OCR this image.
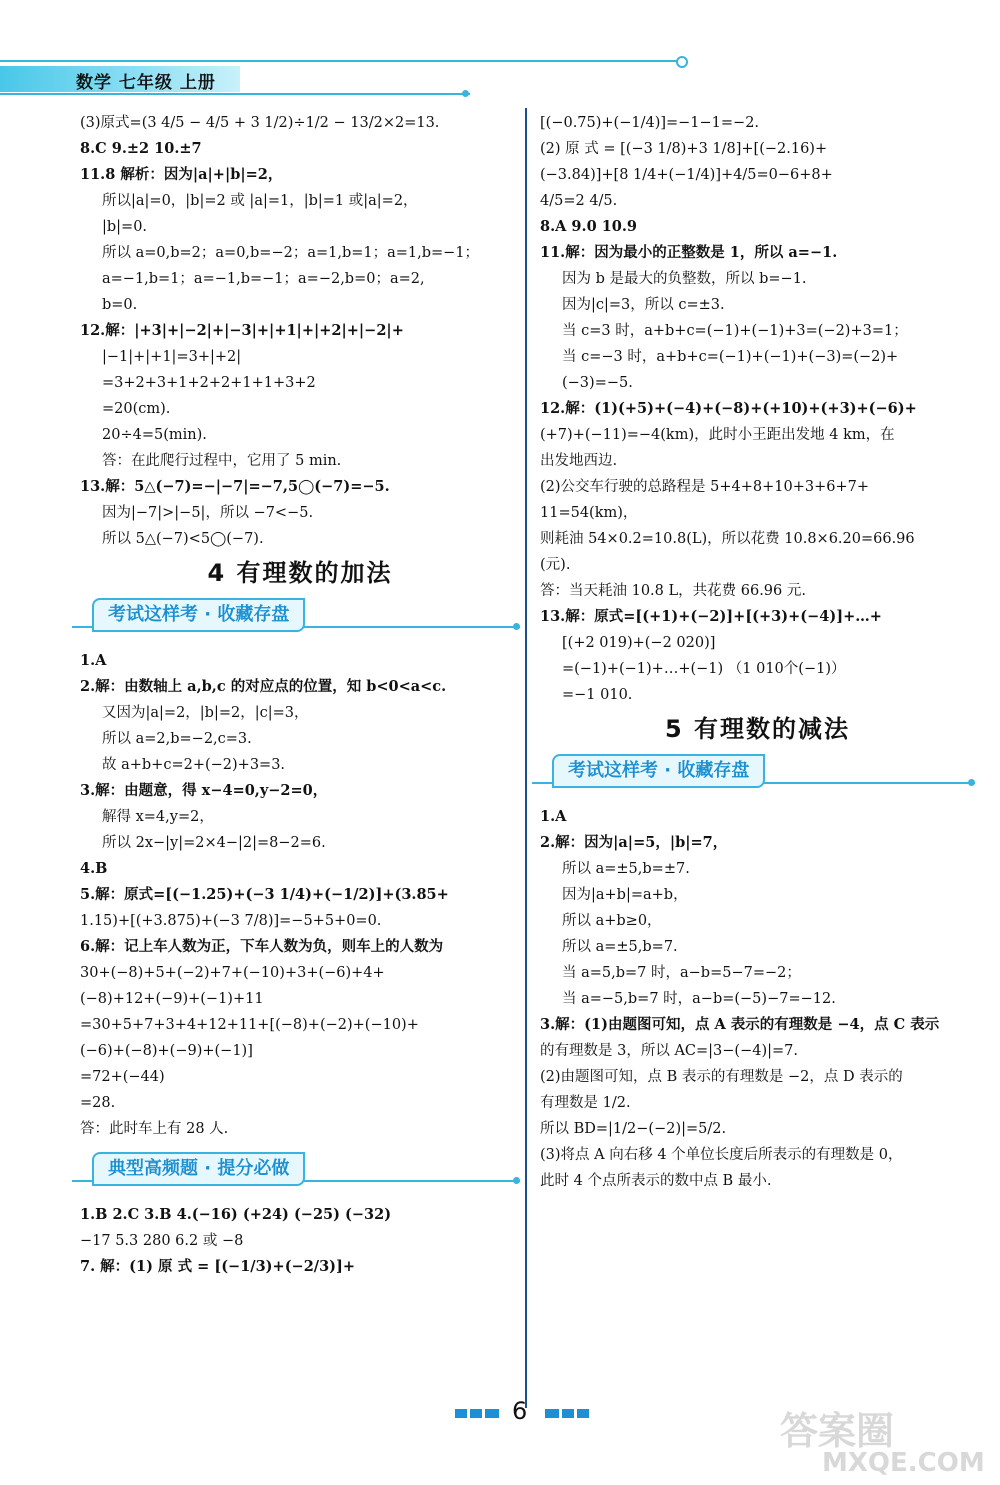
数学 七年级 上册
(3)原式=(3 4/5 − 4/5 + 3 1/2)÷1/2 − 13/2×2=13.
8.C 9.±2 10.±7
11.8 解析：因为|a|+|b|=2，
所以|a|=0，|b|=2 或 |a|=1，|b|=1 或|a|=2，
|b|=0.
所以 a=0,b=2；a=0,b=−2；a=1,b=1；a=1,b=−1；
a=−1,b=1；a=−1,b=−1；a=−2,b=0；a=2,
b=0.
12.解：|+3|+|−2|+|−3|+|+1|+|+2|+|−2|+
|−1|+|+1|=3+|+2|
=3+2+3+1+2+2+1+1+3+2
=20(cm).
20÷4=5(min).
答：在此爬行过程中，它用了 5 min.
13.解：5△(−7)=−|−7|=−7,5◯(−7)=−5.
因为|−7|>|−5|，所以 −7<−5.
所以 5△(−7)<5◯(−7).
4 有理数的加法
考试这样考 · 收藏存盘
1.A
2.解：由数轴上 a,b,c 的对应点的位置，知 b<0<a<c.
又因为|a|=2，|b|=2，|c|=3，
所以 a=2,b=−2,c=3.
故 a+b+c=2+(−2)+3=3.
3.解：由题意，得 x−4=0,y−2=0，
解得 x=4,y=2，
所以 2x−|y|=2×4−|2|=8−2=6.
4.B
5.解：原式=[(−1.25)+(−3 1/4)+(−1/2)]+(3.85+
1.15)+[(+3.875)+(−3 7/8)]=−5+5+0=0.
6.解：记上车人数为正，下车人数为负，则车上的人数为
30+(−8)+5+(−2)+7+(−10)+3+(−6)+4+
(−8)+12+(−9)+(−1)+11
=30+5+7+3+4+12+11+[(−8)+(−2)+(−10)+
(−6)+(−8)+(−9)+(−1)]
=72+(−44)
=28.
答：此时车上有 28 人.
典型高频题 · 提分必做
1.B 2.C 3.B 4.(−16) (+24) (−25) (−32)
−17 5.3 280 6.2 或 −8
7. 解：(1) 原 式 = [(−1/3)+(−2/3)]+
[(−0.75)+(−1/4)]=−1−1=−2.
(2) 原 式 = [(−3 1/8)+3 1/8]+[(−2.16)+
(−3.84)]+[8 1/4+(−1/4)]+4/5=0−6+8+
4/5=2 4/5.
8.A 9.0 10.9
11.解：因为最小的正整数是 1，所以 a=−1.
因为 b 是最大的负整数，所以 b=−1.
因为|c|=3，所以 c=±3.
当 c=3 时，a+b+c=(−1)+(−1)+3=(−2)+3=1；
当 c=−3 时，a+b+c=(−1)+(−1)+(−3)=(−2)+
(−3)=−5.
12.解：(1)(+5)+(−4)+(−8)+(+10)+(+3)+(−6)+
(+7)+(−11)=−4(km)，此时小王距出发地 4 km，在
出发地西边.
(2)公交车行驶的总路程是 5+4+8+10+3+6+7+
11=54(km)，
则耗油 54×0.2=10.8(L)，所以花费 10.8×6.20=66.96
(元).
答：当天耗油 10.8 L，共花费 66.96 元.
13.解：原式=[(+1)+(−2)]+[(+3)+(−4)]+…+
[(+2 019)+(−2 020)]
=(−1)+(−1)+…+(−1) （1 010个(−1)）
=−1 010.
5 有理数的减法
考试这样考 · 收藏存盘
1.A
2.解：因为|a|=5，|b|=7，
所以 a=±5,b=±7.
因为|a+b|=a+b，
所以 a+b≥0，
所以 a=±5,b=7.
当 a=5,b=7 时，a−b=5−7=−2；
当 a=−5,b=7 时，a−b=(−5)−7=−12.
3.解：(1)由题图可知，点 A 表示的有理数是 −4，点 C 表示
的有理数是 3，所以 AC=|3−(−4)|=7.
(2)由题图可知，点 B 表示的有理数是 −2，点 D 表示的
有理数是 1/2.
所以 BD=|1/2−(−2)|=5/2.
(3)将点 A 向右移 4 个单位长度后所表示的有理数是 0，
此时 4 个点所表示的数中点 B 最小.
6	答案圈
MXQE.COM
